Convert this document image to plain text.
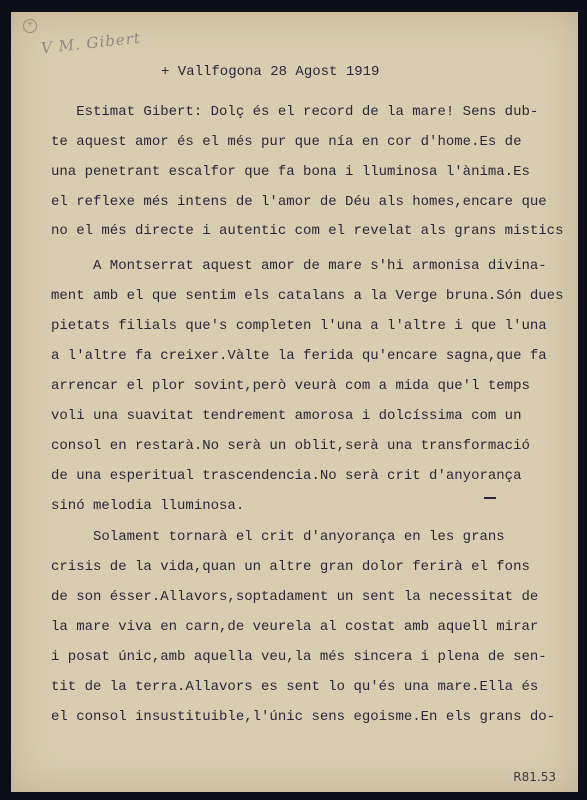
+
V M. Gibert
+ Vallfogona 28 Agost 1919
Estimat Gibert: Dolç és el record de la mare! Sens dub-
te aquest amor és el més pur que nía en cor d'home.Es de
una penetrant escalfor que fa bona i lluminosa l'ànima.Es
el reflexe més intens de l'amor de Déu als homes,encare que
no el més directe i autentic com el revelat als grans mistics
A Montserrat aquest amor de mare s'hi armonisa divina-
ment amb el que sentim els catalans a la Verge bruna.Són dues
pietats filials que's completen l'una a l'altre i que l'una
a l'altre fa creixer.Vàlte la ferida qu'encare sagna,que fa
arrencar el plor sovint,però veurà com a mida que'l temps
voli una suavitat tendrement amorosa i dolcíssima com un
consol en restarà.No serà un oblit,serà una transformació
de una esperitual trascendencia.No serà crit d'anyorança
sinó melodia lluminosa.
Solament tornarà el crit d'anyorança en les grans
crisis de la vida,quan un altre gran dolor ferirà el fons
de son ésser.Allavors,soptadament un sent la necessitat de
la mare viva en carn,de veurela al costat amb aquell mirar
i posat únic,amb aquella veu,la més sincera i plena de sen-
tit de la terra.Allavors es sent lo qu'és una mare.Ella és
el consol insustituible,l'únic sens egoisme.En els grans do-
R81.53
